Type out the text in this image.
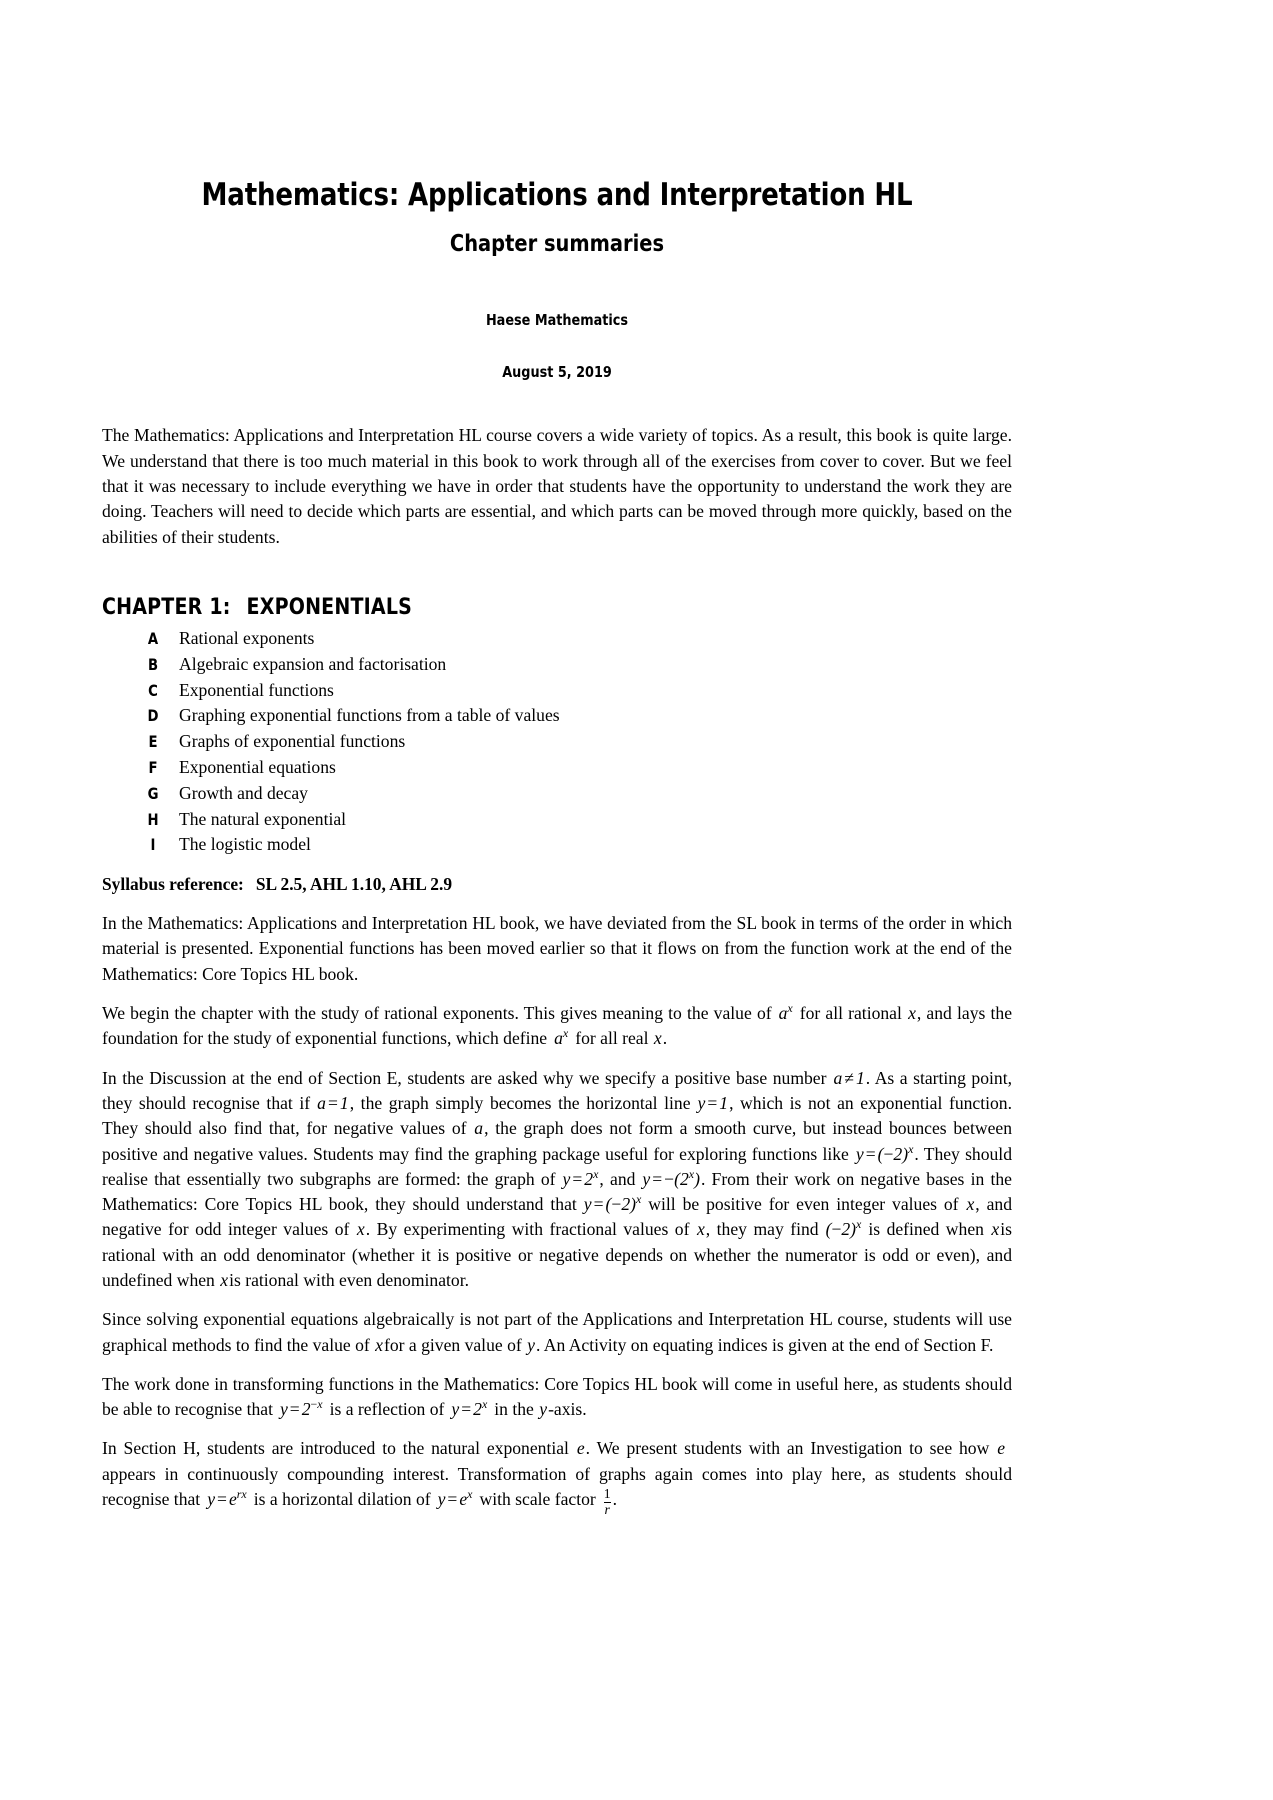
Mathematics: Applications and Interpretation HL
Chapter summaries
Haese Mathematics
August 5, 2019

The Mathematics: Applications and Interpretation HL course covers a wide variety of topics. As a result, this book is quite large. We understand that there is too much material in this book to work through all of the exercises from cover to cover. But we feel that it was necessary to include everything we have in order that students have the opportunity to understand the work they are doing. Teachers will need to decide which parts are essential, and which parts can be moved through more quickly, based on the abilities of their students.

CHAPTER 1: EXPONENTIALS
A	Rational exponents
B	Algebraic expansion and factorisation
C	Exponential functions
D	Graphing exponential functions from a table of values
E	Graphs of exponential functions
F	Exponential equations
G	Growth and decay
H	The natural exponential
I	The logistic model

Syllabus reference: SL 2.5, AHL 1.10, AHL 2.9

In the Mathematics: Applications and Interpretation HL book, we have deviated from the SL book in terms of the order in which material is presented. Exponential functions has been moved earlier so that it flows on from the function work at the end of the Mathematics: Core Topics HL book.

We begin the chapter with the study of rational exponents. This gives meaning to the value of $a^x$ for all rational x, and lays the foundation for the study of exponential functions, which define $a^x$ for all real x.

In the Discussion at the end of Section E, students are asked why we specify a positive base number a ≠ 1. As a starting point, they should recognise that if a = 1, the graph simply becomes the horizontal line y = 1, which is not an exponential function. They should also find that, for negative values of a, the graph does not form a smooth curve, but instead bounces between positive and negative values. Students may find the graphing package useful for exploring functions like $y = (-2)^x$. They should realise that essentially two subgraphs are formed: the graph of $y = 2^x$, and $y = -(2^x)$. From their work on negative bases in the Mathematics: Core Topics HL book, they should understand that $y = (-2)^x$ will be positive for even integer values of x, and negative for odd integer values of x. By experimenting with fractional values of x, they may find $(-2)^x$ is defined when xis rational with an odd denominator (whether it is positive or negative depends on whether the numerator is odd or even), and undefined when xis rational with even denominator.

Since solving exponential equations algebraically is not part of the Applications and Interpretation HL course, students will use graphical methods to find the value of xfor a given value of y. An Activity on equating indices is given at the end of Section F.

The work done in transforming functions in the Mathematics: Core Topics HL book will come in useful here, as students should be able to recognise that $y = 2^{-x}$ is a reflection of $y = 2^x$ in the y-axis.

In Section H, students are introduced to the natural exponential e. We present students with an Investigation to see how eappears in continuously compounding interest. Transformation of graphs again comes into play here, as students should recognise that $y = e^{rx}$ is a horizontal dilation of $y = e^x$ with scale factor $\frac{1}{r}$ .
